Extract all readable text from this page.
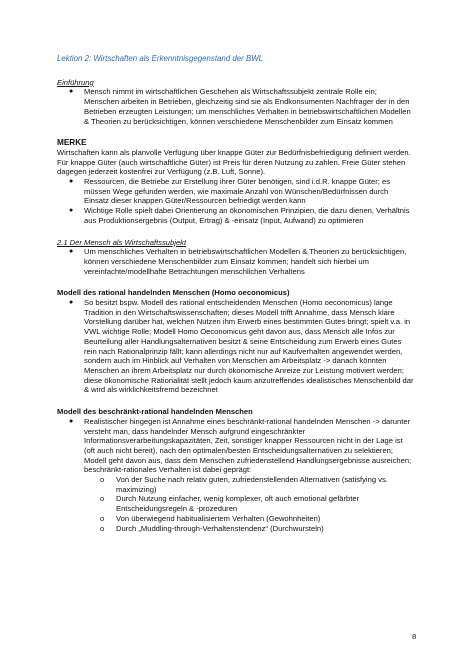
Lektion 2: Wirtschaften als Erkenntnisgegenstand der BWL

Einführung

● Mensch nimmt im wirtschaftlichen Geschehen als Wirtschaftssubjekt zentrale Rolle ein; Menschen arbeiten in Betrieben, gleichzeitig sind sie als Endkonsumenten Nachfrager der in den Betrieben erzeugten Leistungen; um menschliches Verhalten in betriebswirtschaftlichen Modellen & Theorien zu berücksichtigen, können verschiedene Menschenbilder zum Einsatz kommen

MERKE

Wirtschaften kann als planvolle Verfügung über knappe Güter zur Bedürfnisbefriedigung definiert werden. Für knappe Güter (auch wirtschaftliche Güter) ist Preis für deren Nutzung zu zahlen. Freie Güter stehen dagegen jederzeit kostenfrei zur Verfügung (z.B. Luft, Sonne).

● Ressourcen, die Betriebe zur Erstellung ihrer Güter benötigen, sind i.d.R. knappe Güter; es müssen Wege gefunden werden, wie maximale Anzahl von Wünschen/Bedürfnissen durch Einsatz dieser knappen Güter/Ressourcen befriedigt werden kann
● Wichtige Rolle spielt dabei Orientierung an ökonomischen Prinzipien, die dazu dienen, Verhältnis aus Produktionsergebnis (Output, Ertrag) & -einsatz (Input, Aufwand) zu optimieren

2.1 Der Mensch als Wirtschaftssubjekt

● Um menschliches Verhalten in betriebswirtschaftlichen Modellen & Theorien zu berücksichtigen, können verschiedene Menschenbilder zum Einsatz kommen; handelt sich hierbei um vereinfachte/modellhafte Betrachtungen menschlichen Verhaltens

Modell des rational handelnden Menschen (Homo oeconomicus)

● So besitzt bspw. Modell des rational entscheidenden Menschen (Homo oeconomicus) lange Tradition in den Wirtschaftswissenschaften; dieses Modell trifft Annahme, dass Mensch klare Vorstellung darüber hat, welchen Nutzen ihm Erwerb eines bestimmten Gutes bringt; spielt v.a. in VWL wichtige Rolle; Modell Homo Oeconomicus geht davon aus, dass Mensch alle Infos zur Beurteilung aller Handlungsalternativen besitzt & seine Entscheidung zum Erwerb eines Gutes rein nach Rationalprinzip fällt; kann allerdings nicht nur auf Kaufverhalten angewendet werden, sondern auch im Hinblick auf Verhalten von Menschen am Arbeitsplatz -> danach könnten Menschen an ihrem Arbeitsplatz nur durch ökonomische Anreize zur Leistung motiviert werden; diese ökonomische Rationalität stellt jedoch kaum anzutreffendes idealistisches Menschenbild dar & wird als wirklichkeitsfremd bezeichnet

Modell des beschränkt-rational handelnden Menschen

● Realistischer hingegen ist Annahme eines beschränkt-rational handelnden Menschen -> darunter versteht man, dass handelnder Mensch aufgrund eingeschränkter Informationsverarbeitungskapazitäten, Zeit, sonstiger knapper Ressourcen nicht in der Lage ist (oft auch nicht bereit), nach den optimalen/besten Entscheidungsalternativen zu selektieren; Modell geht davon aus, dass dem Menschen zufriedenstellend Handlungsergebnisse ausreichen; beschränkt-rationales Verhalten ist dabei geprägt:
o Von der Suche nach relativ guten, zufriedenstellenden Alternativen (satisfying vs. maximizing)
o Durch Nutzung einfacher, wenig komplexer, oft auch emotional gefärbter Entscheidungsregeln & -prozeduren
o Von überwiegend habitualisiertem Verhalten (Gewohnheiten)
o Durch „Muddling-through-Verhaltenstendenz“ (Durchwursteln)
8
